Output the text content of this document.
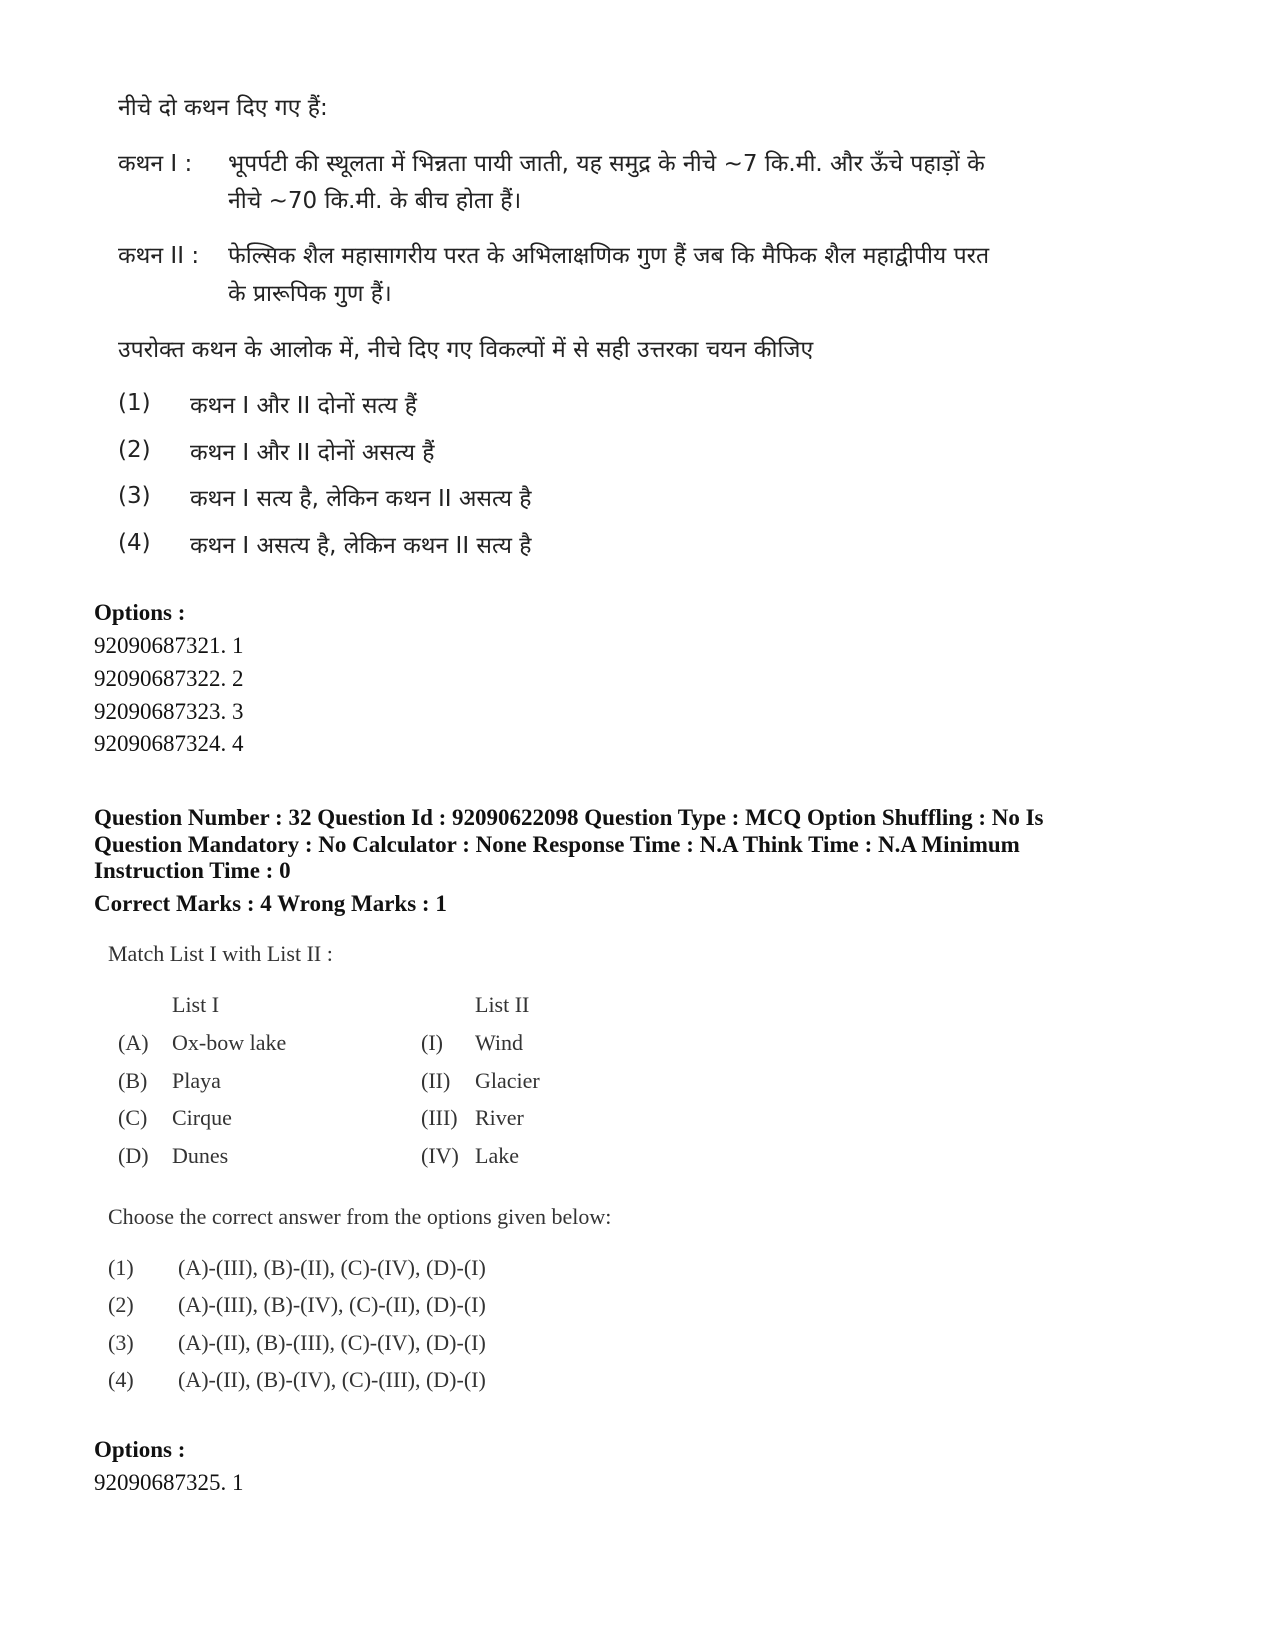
नीचे दो कथन दिए गए हैं:
कथन I : भूपर्पटी की स्थूलता में भिन्नता पायी जाती, यह समुद्र के नीचे ~7 कि.मी. और ऊँचे पहाड़ों के
नीचे ~70 कि.मी. के बीच होता हैं।
कथन II : फेल्सिक शैल महासागरीय परत के अभिलाक्षणिक गुण हैं जब कि मैफिक शैल महाद्वीपीय परत
के प्रारूपिक गुण हैं।
उपरोक्त कथन के आलोक में, नीचे दिए गए विकल्पों में से सही उत्तरका चयन कीजिए
(1) कथन I और II दोनों सत्य हैं
(2) कथन I और II दोनों असत्य हैं
(3) कथन I सत्य है, लेकिन कथन II असत्य है
(4) कथन I असत्य है, लेकिन कथन II सत्य है
Options :
92090687321. 1
92090687322. 2
92090687323. 3
92090687324. 4
Question Number : 32 Question Id : 92090622098 Question Type : MCQ Option Shuffling : No Is
Question Mandatory : No Calculator : None Response Time : N.A Think Time : N.A Minimum
Instruction Time : 0
Correct Marks : 4 Wrong Marks : 1
Match List I with List II :
List I	List II
(A) Ox-bow lake	(I) Wind
(B) Playa	(II) Glacier
(C) Cirque	(III) River
(D) Dunes	(IV) Lake
Choose the correct answer from the options given below:
(1) (A)-(III), (B)-(II), (C)-(IV), (D)-(I)
(2) (A)-(III), (B)-(IV), (C)-(II), (D)-(I)
(3) (A)-(II), (B)-(III), (C)-(IV), (D)-(I)
(4) (A)-(II), (B)-(IV), (C)-(III), (D)-(I)
Options :
92090687325. 1
